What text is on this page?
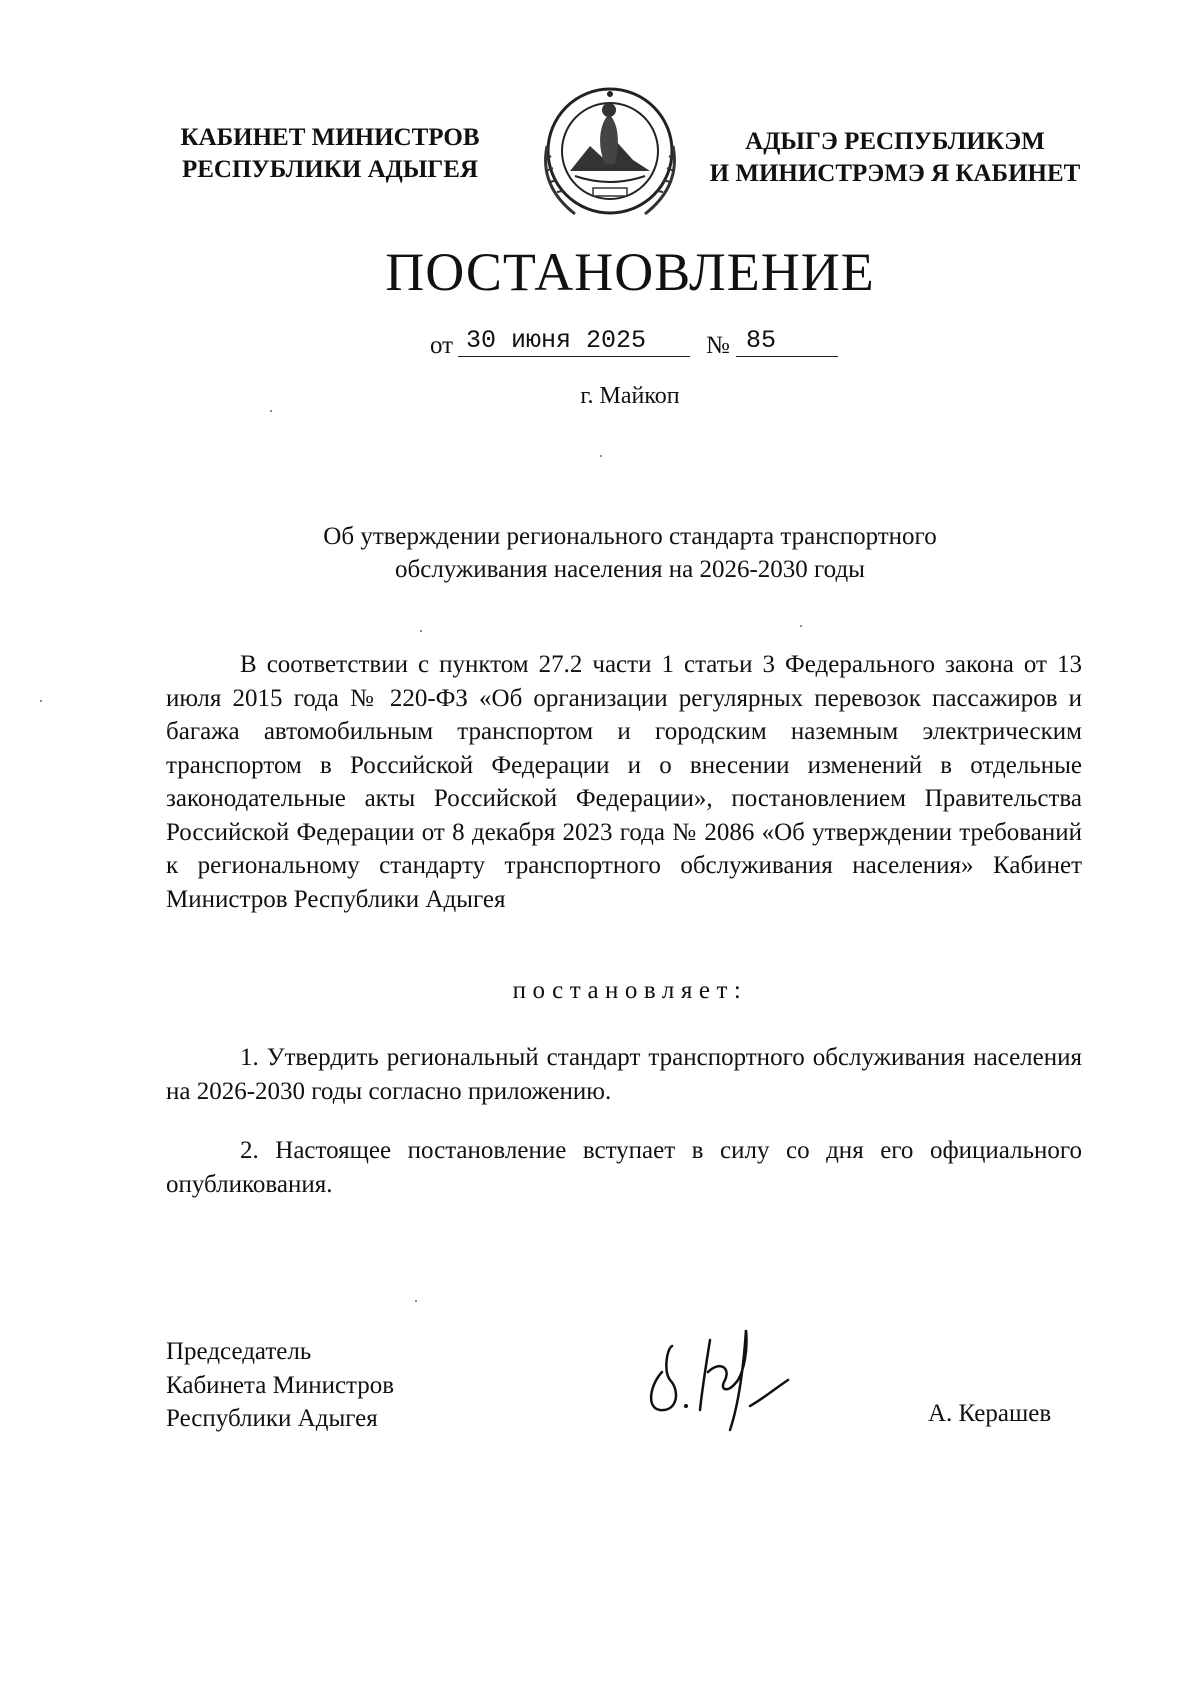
КАБИНЕТ МИНИСТРОВ
РЕСПУБЛИКИ АДЫГЕЯ
АДЫГЭ РЕСПУБЛИКЭМ
И МИНИСТРЭМЭ Я КАБИНЕТ
ПОСТАНОВЛЕНИЕ
от 30 июня 2025 № 85
г. Майкоп
Об утверждении регионального стандарта транспортного
обслуживания населения на 2026-2030 годы
В соответствии с пунктом 27.2 части 1 статьи 3 Федерального закона от 13 июля 2015 года № 220-ФЗ «Об организации регулярных перевозок пассажиров и багажа автомобильным транспортом и городским наземным электрическим транспортом в Российской Федерации и о внесении изменений в отдельные законодательные акты Российской Федерации», постановлением Правительства Российской Федерации от 8 декабря 2023 года № 2086 «Об утверждении требований к региональному стандарту транспортного обслуживания населения» Кабинет Министров Республики Адыгея
постановляет:
1. Утвердить региональный стандарт транспортного обслуживания населения на 2026-2030 годы согласно приложению.
2. Настоящее постановление вступает в силу со дня его официального опубликования.
Председатель
Кабинета Министров
Республики Адыгея	А. Керашев
